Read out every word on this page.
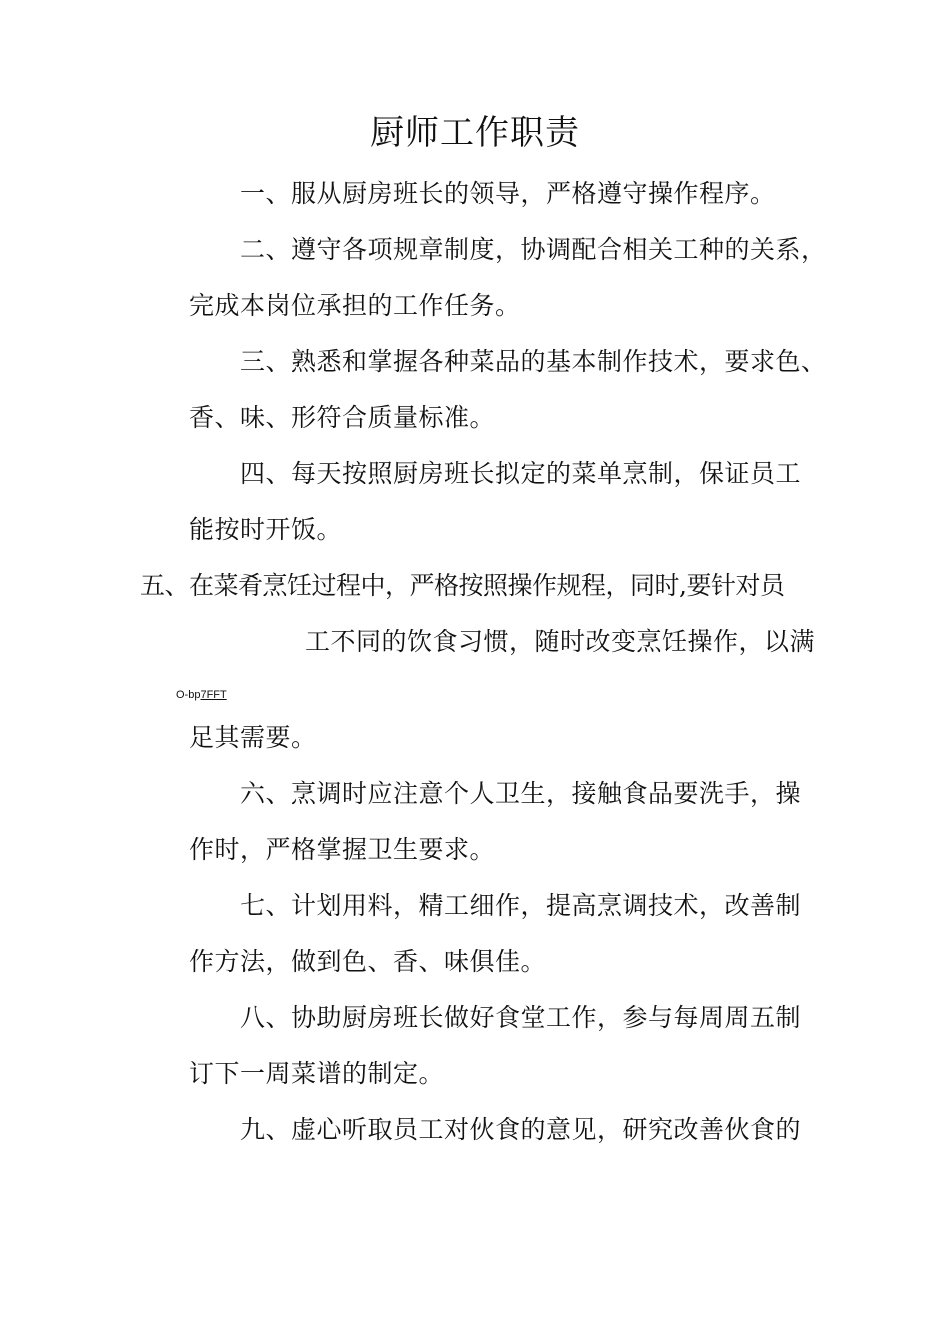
厨师工作职责
一、服从厨房班长的领导，严格遵守操作程序。
二、遵守各项规章制度，协调配合相关工种的关系，
完成本岗位承担的工作任务。
三、熟悉和掌握各种菜品的基本制作技术，要求色、
香、味、形符合质量标准。
四、每天按照厨房班长拟定的菜单烹制，保证员工
能按时开饭。
五、在菜肴烹饪过程中，严格按照操作规程，同时,要针对员
工不同的饮食习惯，随时改变烹饪操作，以满
O-bp7FFT
足其需要。
六、烹调时应注意个人卫生，接触食品要洗手，操
作时，严格掌握卫生要求。
七、计划用料，精工细作，提高烹调技术，改善制
作方法，做到色、香、味俱佳。
八、协助厨房班长做好食堂工作，参与每周周五制
订下一周菜谱的制定。
九、虚心听取员工对伙食的意见，研究改善伙食的
